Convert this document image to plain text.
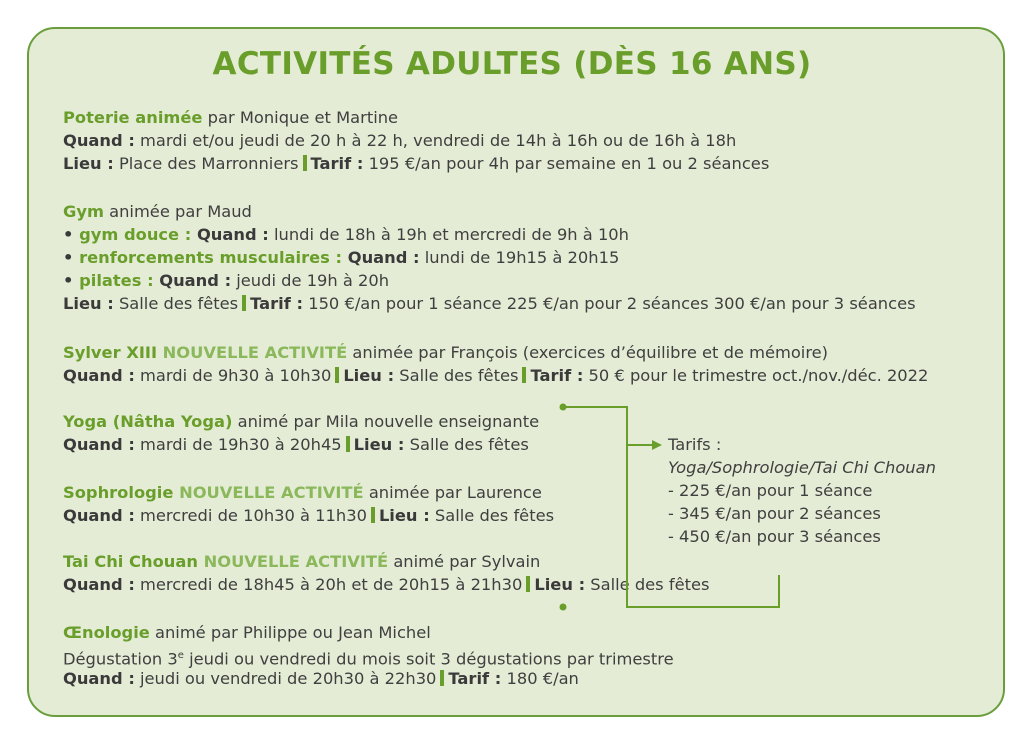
ACTIVITÉS ADULTES (DÈS 16 ANS)
Poterie animée par Monique et Martine
Quand : mardi et/ou jeudi de 20 h à 22 h, vendredi de 14h à 16h ou de 16h à 18h
Lieu : Place des Marronniers Tarif : 195 €/an pour 4h par semaine en 1 ou 2 séances
Gym animée par Maud
• gym douce : Quand : lundi de 18h à 19h et mercredi de 9h à 10h
• renforcements musculaires : Quand : lundi de 19h15 à 20h15
• pilates : Quand : jeudi de 19h à 20h
Lieu : Salle des fêtes Tarif : 150 €/an pour 1 séance 225 €/an pour 2 séances 300 €/an pour 3 séances
Sylver XIII NOUVELLE ACTIVITÉ animée par François (exercices d’équilibre et de mémoire)
Quand : mardi de 9h30 à 10h30 Lieu : Salle des fêtes Tarif : 50 € pour le trimestre oct./nov./déc. 2022
Yoga (Nâtha Yoga) animé par Mila nouvelle enseignante
Quand : mardi de 19h30 à 20h45 Lieu : Salle des fêtes
Sophrologie NOUVELLE ACTIVITÉ animée par Laurence
Quand : mercredi de 10h30 à 11h30 Lieu : Salle des fêtes
Tai Chi Chouan NOUVELLE ACTIVITÉ animé par Sylvain
Quand : mercredi de 18h45 à 20h et de 20h15 à 21h30 Lieu : Salle des fêtes
Œnologie animé par Philippe ou Jean Michel
Dégustation 3e jeudi ou vendredi du mois soit 3 dégustations par trimestre
Quand : jeudi ou vendredi de 20h30 à 22h30 Tarif : 180 €/an
Tarifs :
Yoga/Sophrologie/Tai Chi Chouan
- 225 €/an pour 1 séance
- 345 €/an pour 2 séances
- 450 €/an pour 3 séances
